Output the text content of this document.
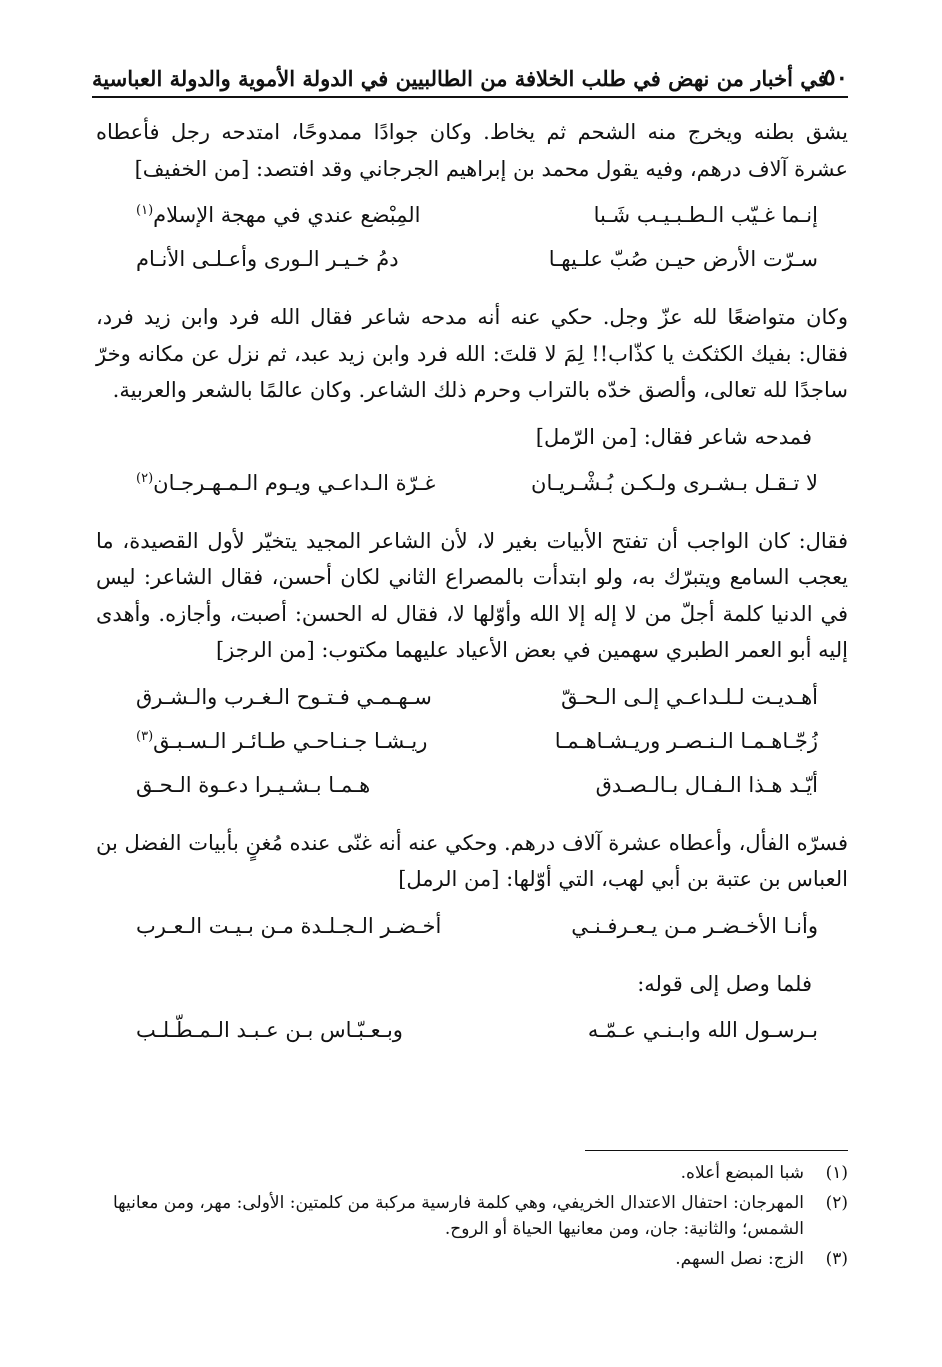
٥٠
في أخبار من نهض في طلب الخلافة من الطالبيين في الدولة الأموية والدولة العباسية

يشق بطنه ويخرج منه الشحم ثم يخاط. وكان جوادًا ممدوحًا، امتدحه رجل فأعطاه عشرة آلاف درهم، وفيه يقول محمد بن إبراهيم الجرجاني وقد افتصد: [من الخفيف]

إنـما غـيّب الـطـبـيـب شَـبا
المِبْضع عندي في مهجة الإسلام$^{(١)}$
سـرّت الأرض حيـن صُبّ علـيهـا
دمُ خـيـر الـورى وأعـلـى الأنـام

وكان متواضعًا لله عزّ وجل. حكي عنه أنه مدحه شاعر فقال الله فرد وابن زيد فرد، فقال: بفيك الكثكث يا كذّاب!! لِمَ لا قلتَ: الله فرد وابن زيد عبد، ثم نزل عن مكانه وخرّ ساجدًا لله تعالى، وألصق خدّه بالتراب وحرم ذلك الشاعر. وكان عالمًا بالشعر والعربية.

فمدحه شاعر فقال: [من الرّمل]

لا تـقـل بـشـرى ولـكـن بُـشْـريـان
غـرّة الـداعـي ويـوم الـمـهـرجـان$^{(٢)}$

فقال: كان الواجب أن تفتح الأبيات بغير لا، لأن الشاعر المجيد يتخيّر لأول القصيدة، ما يعجب السامع ويتبرّك به، ولو ابتدأت بالمصراع الثاني لكان أحسن، فقال الشاعر: ليس في الدنيا كلمة أجلّ من لا إله إلا الله وأوّلها لا، فقال له الحسن: أصبت، وأجازه. وأهدى إليه أبو العمر الطبري سهمين في بعض الأعياد عليهما مكتوب: [من الرجز]

أهـديـت لـلـداعـي إلـى الـحـقّ
سـهـمـي فـتـوح الـغـرب والـشـرق
زُجّـاهـمـا الـنـصـر وريـشـاهـمـا
ريـشـا جـنـاحـي طـائـر الـسـبـق$^{(٣)}$
أيّـد هـذا الـفـال بـالـصـدق
هـمـا بـشـيـرا دعـوة الـحـق

فسرّه الفأل، وأعطاه عشرة آلاف درهم. وحكي عنه أنه غنّى عنده مُغنٍ بأبيات الفضل بن العباس بن عتبة بن أبي لهب، التي أوّلها: [من الرمل]

وأنـا الأخـضـر مـن يـعـرفـنـي
أخـضـر الـجـلـدة مـن بـيـت الـعـرب

فلما وصل إلى قوله:

بـرسـول الله وابـنـي عـمّـه
وبـعـبّـاس بـن عـبـد الـمـطّـلـب
(١)
شبا المبضع أعلاه.
(٢)
المهرجان: احتفال الاعتدال الخريفي، وهي كلمة فارسية مركبة من كلمتين: الأولى: مهر، ومن معانيها الشمس؛ والثانية: جان، ومن معانيها الحياة أو الروح.
(٣)
الزج: نصل السهم.
